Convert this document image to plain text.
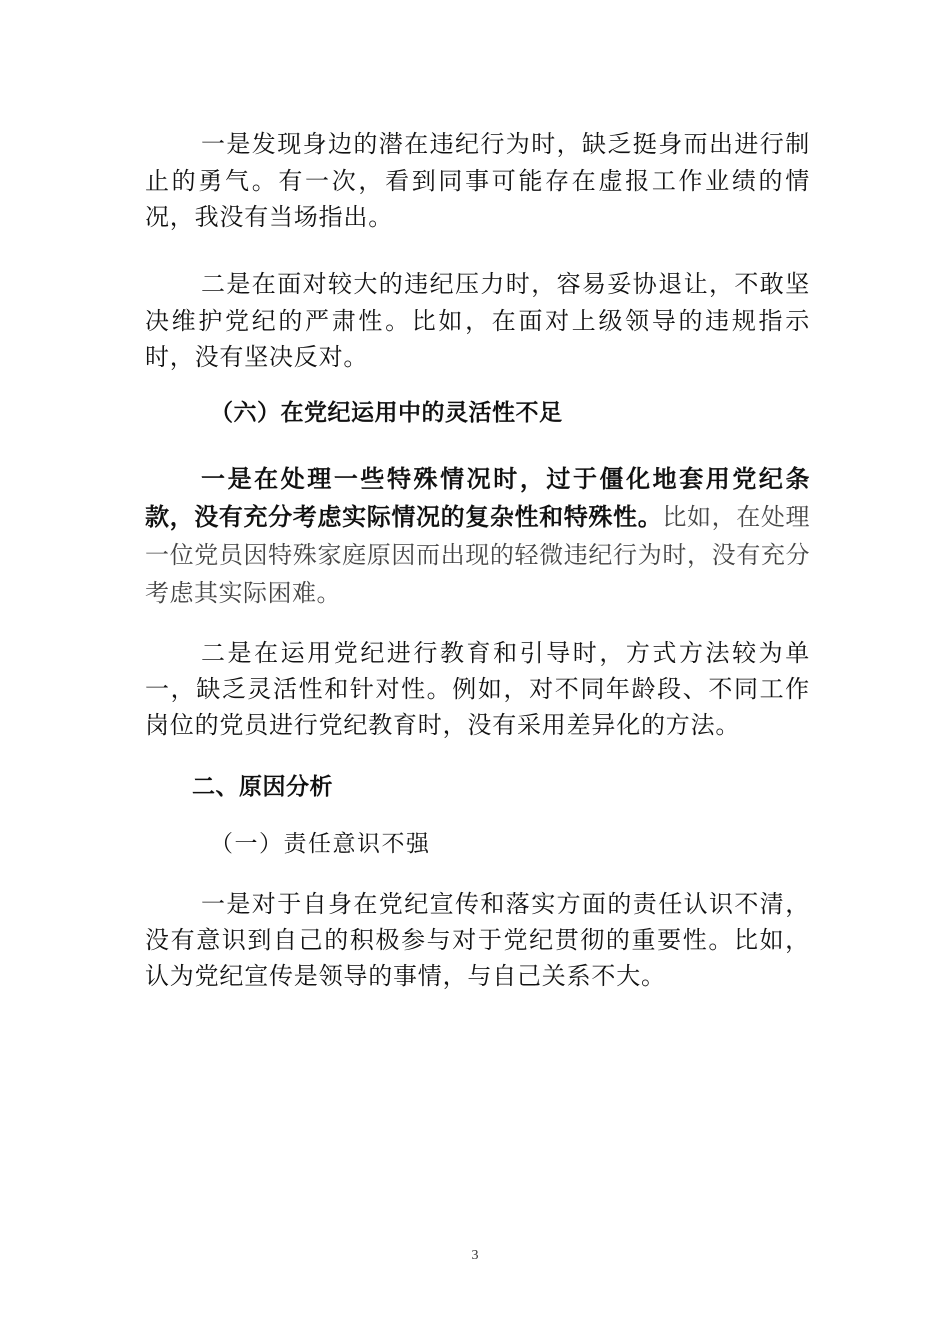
一是发现身边的潜在违纪行为时，缺乏挺身而出进行制止的勇气。有一次，看到同事可能存在虚报工作业绩的情况，我没有当场指出。

二是在面对较大的违纪压力时，容易妥协退让，不敢坚决维护党纪的严肃性。比如，在面对上级领导的违规指示时，没有坚决反对。

（六）在党纪运用中的灵活性不足

一是在处理一些特殊情况时，过于僵化地套用党纪条款，没有充分考虑实际情况的复杂性和特殊性。比如，在处理一位党员因特殊家庭原因而出现的轻微违纪行为时，没有充分考虑其实际困难。

二是在运用党纪进行教育和引导时，方式方法较为单一，缺乏灵活性和针对性。例如，对不同年龄段、不同工作岗位的党员进行党纪教育时，没有采用差异化的方法。

二、原因分析
（一）责任意识不强

一是对于自身在党纪宣传和落实方面的责任认识不清，没有意识到自己的积极参与对于党纪贯彻的重要性。比如，认为党纪宣传是领导的事情，与自己关系不大。

3
